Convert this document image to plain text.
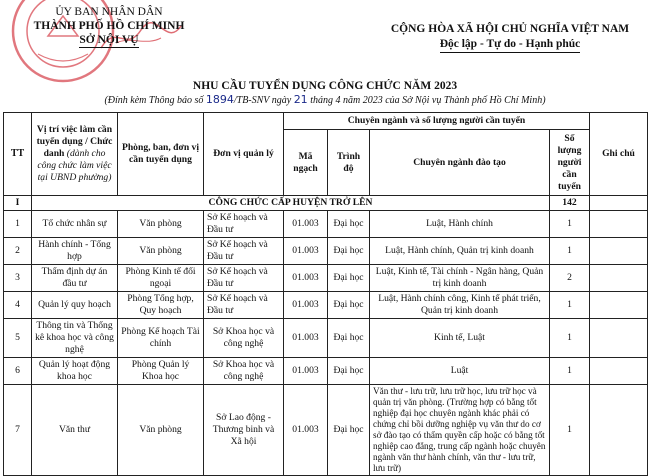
ỦY BAN NHÂN DÂN
THÀNH PHỐ HỒ CHÍ MINH
SỞ NỘI VỤ
CỘNG HÒA XÃ HỘI CHỦ NGHĨA VIỆT NAM
Độc lập - Tự do - Hạnh phúc
NHU CẦU TUYỂN DỤNG CÔNG CHỨC NĂM 2023
(Đính kèm Thông báo số 1894/TB-SNV ngày 21 tháng 4 năm 2023 của Sở Nội vụ Thành phố Hồ Chí Minh)
TT	Vị trí việc làm cần tuyển dụng / Chức danh (dành cho công chức làm việc tại UBND phường)	Phòng, ban, đơn vị cần tuyển dụng	Đơn vị quản lý	Chuyên ngành và số lượng người cần tuyển				Ghi chú
				Mã ngạch	Trình độ	Chuyên ngành đào tạo	Số lượng người cần tuyển	
I	CÔNG CHỨC CẤP HUYỆN TRỞ LÊN						142	
1	Tổ chức nhân sự	Văn phòng	Sở Kế hoạch và Đầu tư	01.003	Đại học	Luật, Hành chính	1	
2	Hành chính - Tổng hợp	Văn phòng	Sở Kế hoạch và Đầu tư	01.003	Đại học	Luật, Hành chính, Quản trị kinh doanh	1	
3	Thẩm định dự án đầu tư	Phòng Kinh tế đối ngoại	Sở Kế hoạch và Đầu tư	01.003	Đại học	Luật, Kinh tế, Tài chính - Ngân hàng, Quản trị kinh doanh	2	
4	Quản lý quy hoạch	Phòng Tổng hợp, Quy hoạch	Sở Kế hoạch và Đầu tư	01.003	Đại học	Luật, Hành chính công, Kinh tế phát triển, Quản trị kinh doanh	1	
5	Thông tin và Thống kê khoa học và công nghệ	Phòng Kế hoạch Tài chính	Sở Khoa học và công nghệ	01.003	Đại học	Kinh tế, Luật	1	
6	Quản lý hoạt động khoa học	Phòng Quản lý Khoa học	Sở Khoa học và công nghệ	01.003	Đại học	Luật	1	
7	Văn thư	Văn phòng	Sở Lao động - Thương binh và Xã hội	01.003	Đại học	Văn thư - lưu trữ, lưu trữ học, lưu trữ học và quản trị văn phòng. (Trường hợp có bằng tốt nghiệp đại học chuyên ngành khác phải có chứng chỉ bồi dưỡng nghiệp vụ văn thư do cơ sở đào tạo có thẩm quyền cấp hoặc có bằng tốt nghiệp cao đẳng, trung cấp ngành hoặc chuyên ngành văn thư hành chính, văn thư - lưu trữ, lưu trữ)	1	
